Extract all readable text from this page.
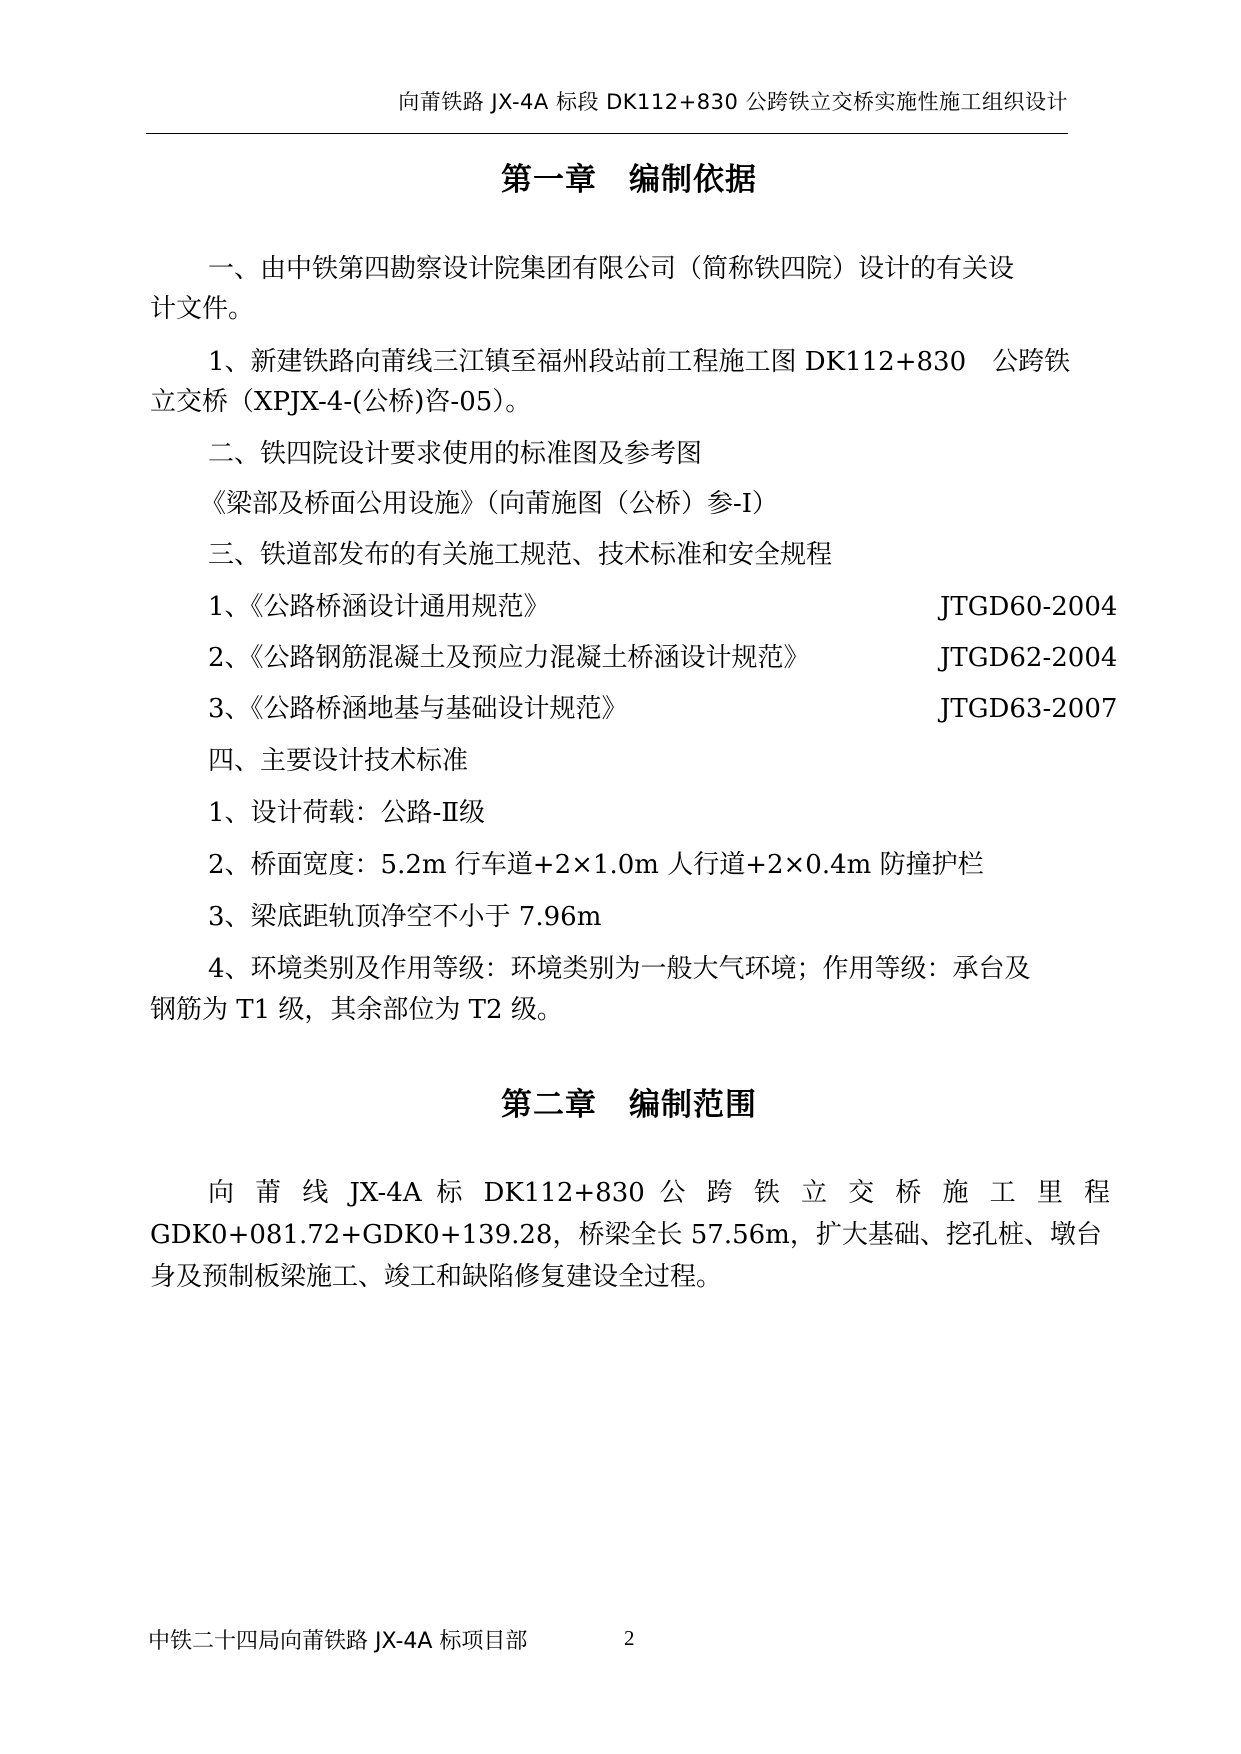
向莆铁路 JX-4A 标段 DK112+830 公跨铁立交桥实施性施工组织设计
第一章　编制依据
一、由中铁第四勘察设计院集团有限公司（简称铁四院）设计的有关设
计文件。
1、新建铁路向莆线三江镇至福州段站前工程施工图 DK112+830　公跨铁
立交桥（XPJX-4-(公桥)咨-05）。
二、铁四院设计要求使用的标准图及参考图
《梁部及桥面公用设施》（向莆施图（公桥）参-Ⅰ）
三、铁道部发布的有关施工规范、技术标准和安全规程
1、《公路桥涵设计通用规范》	JTGD60-2004
2、《公路钢筋混凝土及预应力混凝土桥涵设计规范》	JTGD62-2004
3、《公路桥涵地基与基础设计规范》	JTGD63-2007
四、主要设计技术标准
1、设计荷载：公路-Ⅱ级
2、桥面宽度：5.2m 行车道+2×1.0m 人行道+2×0.4m 防撞护栏
3、梁底距轨顶净空不小于 7.96m
4、环境类别及作用等级：环境类别为一般大气环境；作用等级：承台及
钢筋为 T1 级，其余部位为 T2 级。
第二章　编制范围
向 莆 线 JX-4A 标 DK112+830 公 跨 铁 立 交 桥 施 工 里 程
GDK0+081.72+GDK0+139.28，桥梁全长 57.56m，扩大基础、挖孔桩、墩台
身及预制板梁施工、竣工和缺陷修复建设全过程。
中铁二十四局向莆铁路 JX-4A 标项目部	2
